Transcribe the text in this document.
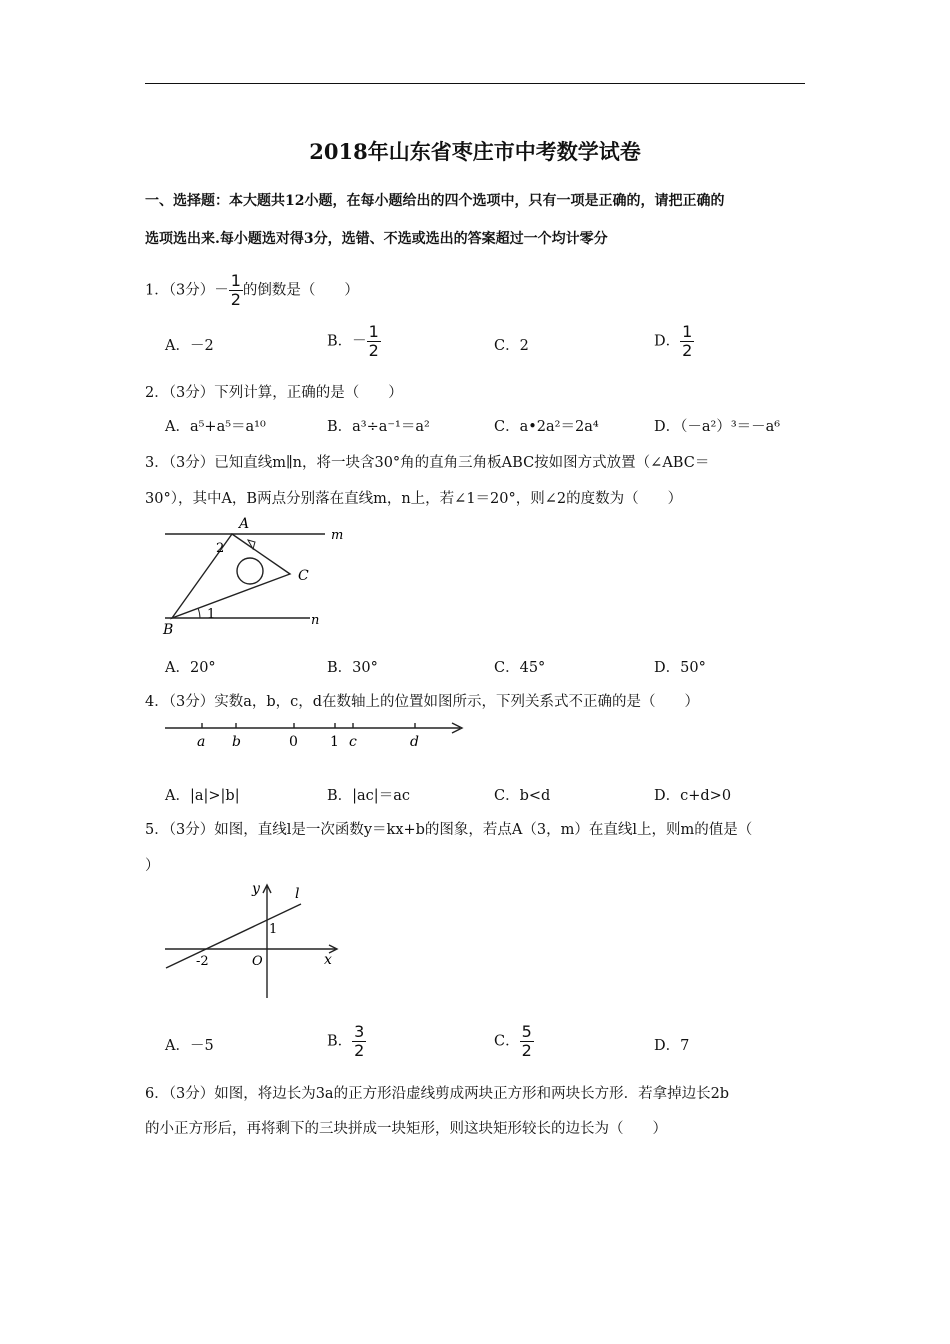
2018年山东省枣庄市中考数学试卷
一、选择题：本大题共12小题，在每小题给出的四个选项中，只有一项是正确的，请把正确的
选项选出来.每小题选对得3分，选错、不选或选出的答案超过一个均计零分
1．（3分）－ $\frac{1}{2}$ 的倒数是（　　）
A．－2	B．－ $\frac{1}{2}$	C．2	D． $\frac{1}{2}$
2．（3分）下列计算，正确的是（　　）
A．a⁵+a⁵＝a¹⁰	B．a³÷a⁻¹＝a²	C．a•2a²＝2a⁴	D．（－a²）³＝－a⁶
3．（3分）已知直线m∥n，将一块含30°角的直角三角板ABC按如图方式放置（∠ABC＝
30°），其中A，B两点分别落在直线m，n上，若∠1＝20°，则∠2的度数为（　　）
A
B
C
m
n
1
2
A．20°	B．30°	C．45°	D．50°
4．（3分）实数a，b，c，d在数轴上的位置如图所示，下列关系式不正确的是（　　）
a b	0 1 c	d
A．|a|>|b|	B．|ac|＝ac	C．b<d	D．c+d>0
5．（3分）如图，直线l是一次函数y＝kx+b的图象，若点A（3，m）在直线l上，则m的值是（
）
y	l
1
-2	O	x
A．－5	B． $\frac{3}{2}$	C． $\frac{5}{2}$	D．7
6．（3分）如图，将边长为3a的正方形沿虚线剪成两块正方形和两块长方形．若拿掉边长2b
的小正方形后，再将剩下的三块拼成一块矩形，则这块矩形较长的边长为（　　）
